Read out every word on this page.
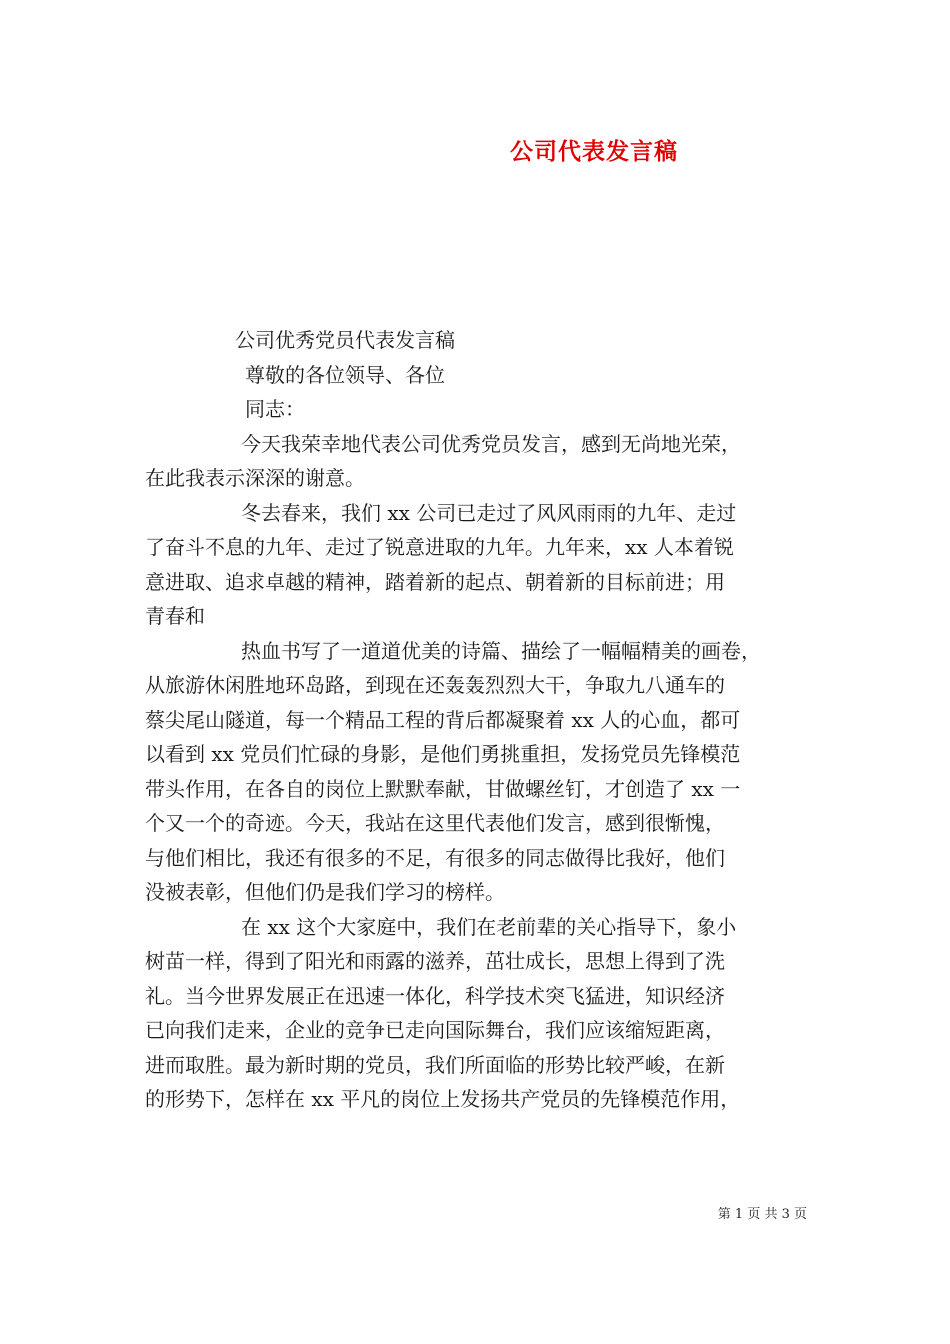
公司代表发言稿

公司优秀党员代表发言稿

尊敬的各位领导、各位

同志：

今天我荣幸地代表公司优秀党员发言，感到无尚地光荣，
在此我表示深深的谢意。
冬去春来，我们 xx 公司已走过了风风雨雨的九年、走过
了奋斗不息的九年、走过了锐意进取的九年。九年来，xx 人本着锐
意进取、追求卓越的精神，踏着新的起点、朝着新的目标前进；用
青春和
热血书写了一道道优美的诗篇、描绘了一幅幅精美的画卷，
从旅游休闲胜地环岛路，到现在还轰轰烈烈大干，争取九八通车的
蔡尖尾山隧道，每一个精品工程的背后都凝聚着 xx 人的心血，都可
以看到 xx 党员们忙碌的身影，是他们勇挑重担，发扬党员先锋模范
带头作用，在各自的岗位上默默奉献，甘做螺丝钉，才创造了 xx 一
个又一个的奇迹。今天，我站在这里代表他们发言，感到很惭愧，
与他们相比，我还有很多的不足，有很多的同志做得比我好，他们
没被表彰，但他们仍是我们学习的榜样。
在 xx 这个大家庭中，我们在老前辈的关心指导下，象小
树苗一样，得到了阳光和雨露的滋养，茁壮成长，思想上得到了洗
礼。当今世界发展正在迅速一体化，科学技术突飞猛进，知识经济
已向我们走来，企业的竞争已走向国际舞台，我们应该缩短距离，
进而取胜。最为新时期的党员，我们所面临的形势比较严峻，在新
的形势下，怎样在 xx 平凡的岗位上发扬共产党员的先锋模范作用，
第 1 页 共 3 页
